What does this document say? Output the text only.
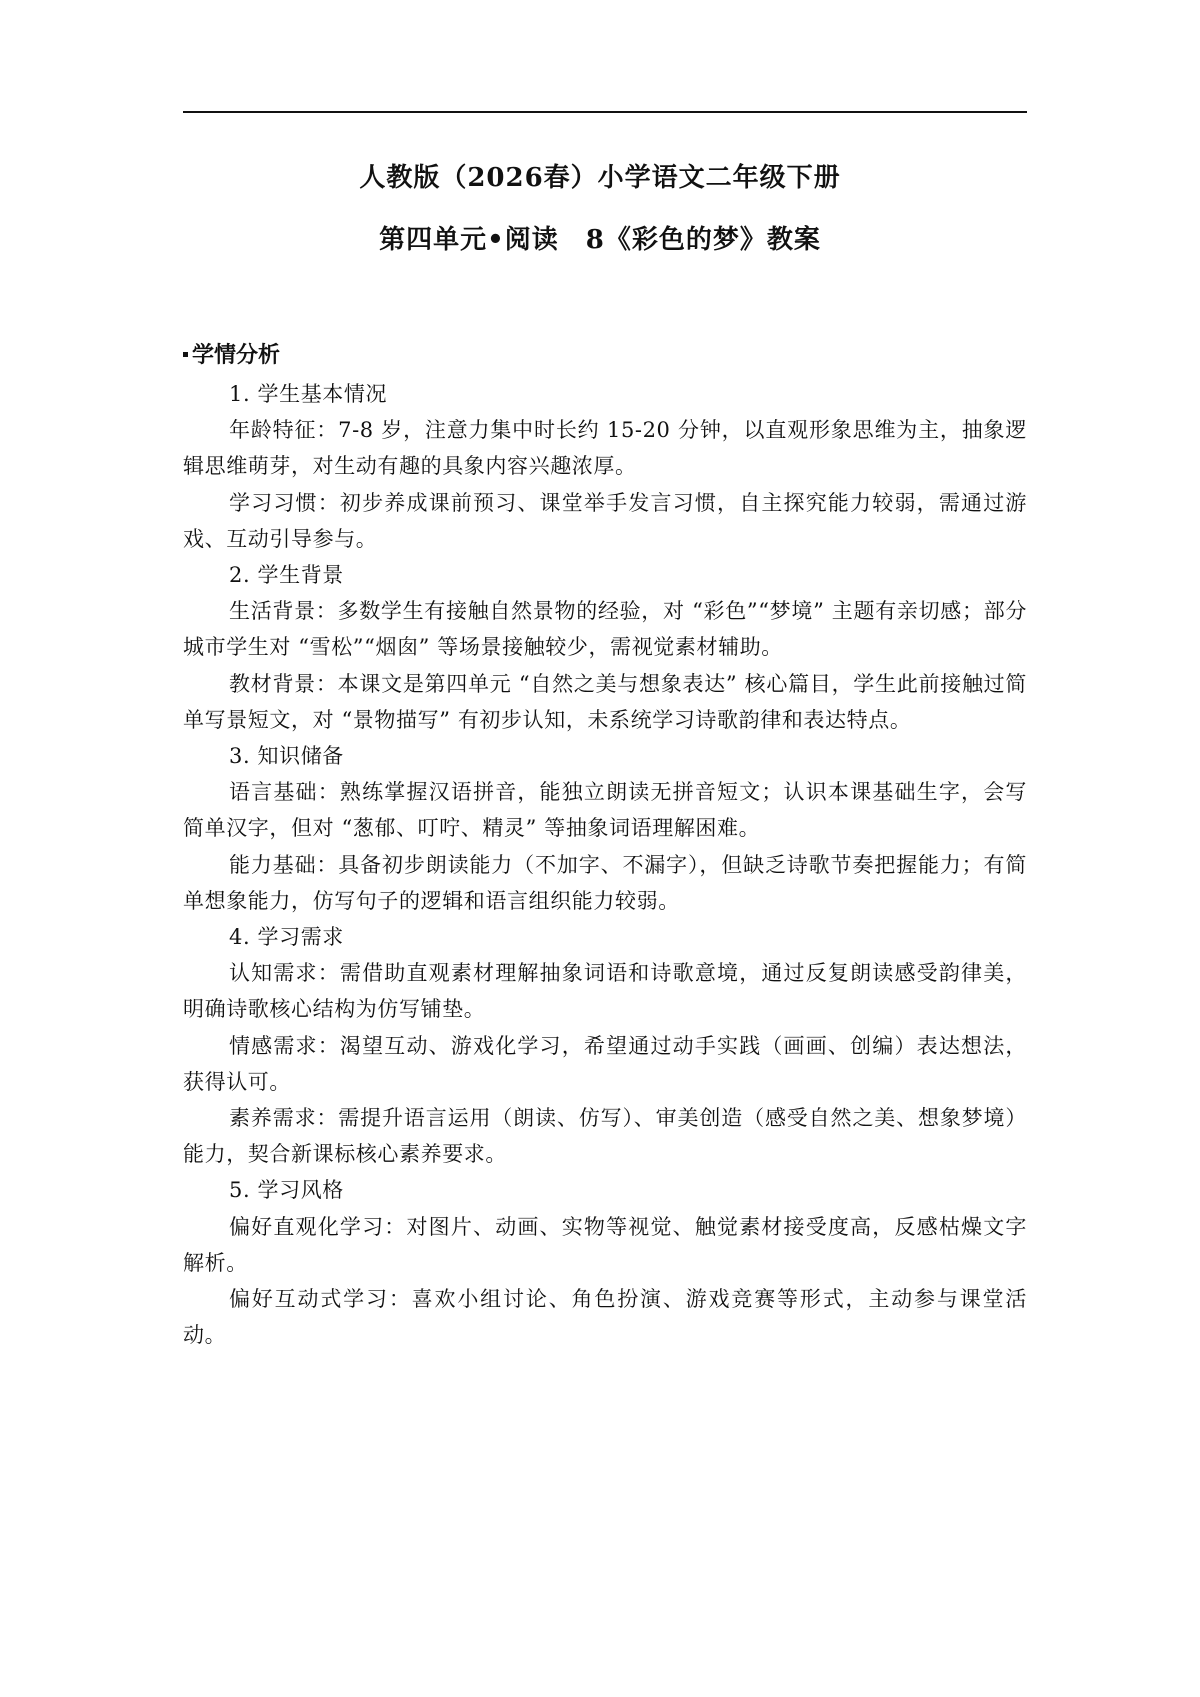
人教版（2026春）小学语文二年级下册
第四单元•阅读　8《彩色的梦》教案
学情分析

1. 学生基本情况

年龄特征：7-8 岁，注意力集中时长约 15-20 分钟，以直观形象思维为主，抽象逻辑思维萌芽，对生动有趣的具象内容兴趣浓厚。

学习习惯：初步养成课前预习、课堂举手发言习惯，自主探究能力较弱，需通过游戏、互动引导参与。

2. 学生背景

生活背景：多数学生有接触自然景物的经验，对 “彩色”“梦境” 主题有亲切感；部分城市学生对 “雪松”“烟囱” 等场景接触较少，需视觉素材辅助。

教材背景：本课文是第四单元 “自然之美与想象表达” 核心篇目，学生此前接触过简单写景短文，对 “景物描写” 有初步认知，未系统学习诗歌韵律和表达特点。

3. 知识储备

语言基础：熟练掌握汉语拼音，能独立朗读无拼音短文；认识本课基础生字，会写简单汉字，但对 “葱郁、叮咛、精灵” 等抽象词语理解困难。

能力基础：具备初步朗读能力（不加字、不漏字），但缺乏诗歌节奏把握能力；有简单想象能力，仿写句子的逻辑和语言组织能力较弱。

4. 学习需求

认知需求：需借助直观素材理解抽象词语和诗歌意境，通过反复朗读感受韵律美，明确诗歌核心结构为仿写铺垫。

情感需求：渴望互动、游戏化学习，希望通过动手实践（画画、创编）表达想法，获得认可。

素养需求：需提升语言运用（朗读、仿写）、审美创造（感受自然之美、想象梦境）能力，契合新课标核心素养要求。

5. 学习风格

偏好直观化学习：对图片、动画、实物等视觉、触觉素材接受度高，反感枯燥文字解析。

偏好互动式学习：喜欢小组讨论、角色扮演、游戏竞赛等形式，主动参与课堂活动。
